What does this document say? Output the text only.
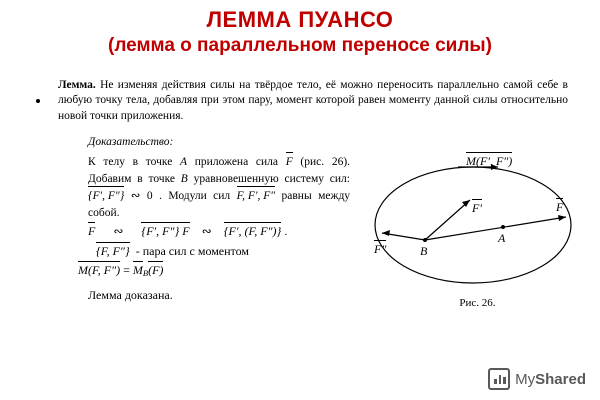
ЛЕММА ПУАНСО
(лемма о параллельном переносе силы)
Лемма. Не изменяя действия силы на твёрдое тело, её можно переносить параллельно самой себе в любую точку тела, добавляя при этом пару, момент которой равен моменту данной силы относительно новой точки приложения.
Доказательство:
К телу в точке A приложена сила F (рис. 26). Добавим в точке B уравновешенную систему сил: {F′, F″} ∾ 0 . Модули сил F, F′, F″ равны между собой.
F ∾ {F′, F″} F ∾ {F′, (F, F″)} .
{F, F″} - пара сил с моментом
M(F, $F'') = M_B(F)$
Лемма доказана.
M(F′, F″)
F′
F″
F
A
B
Рис. 26.
MyShared
